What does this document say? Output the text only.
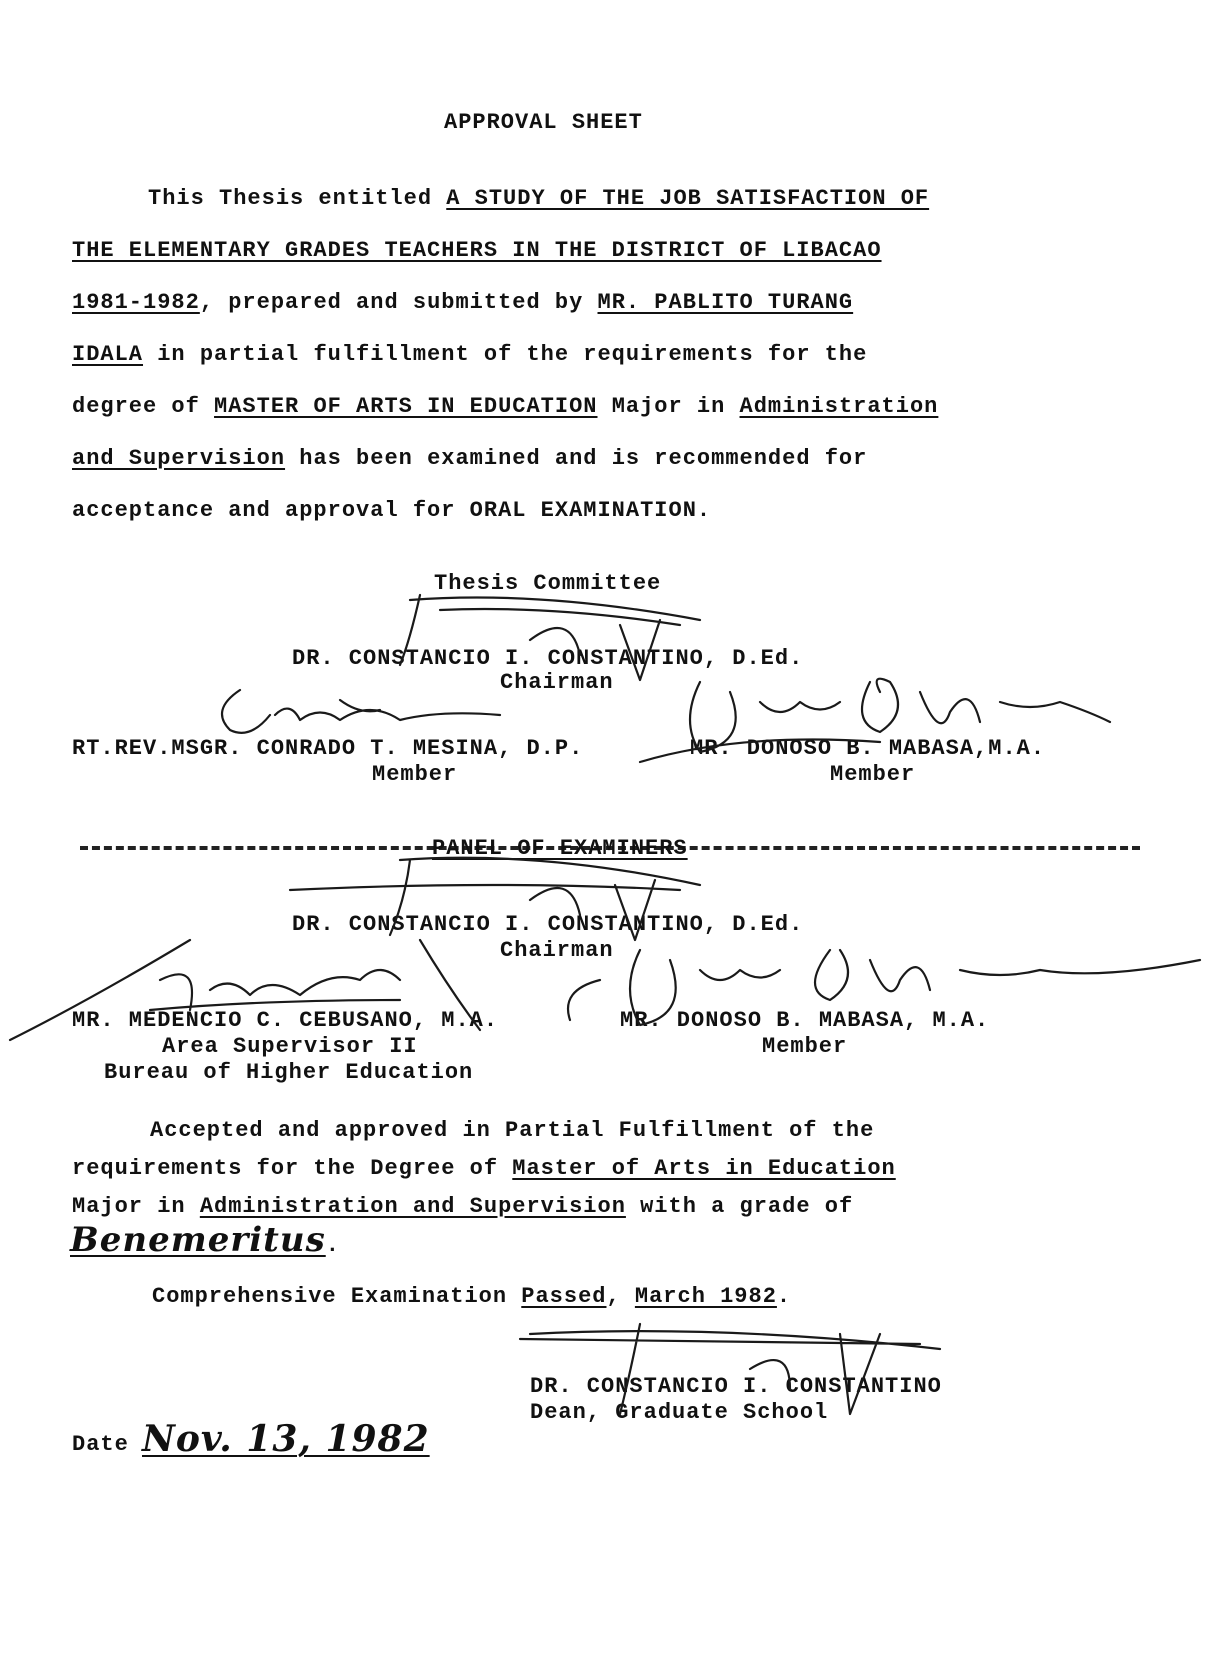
APPROVAL SHEET
This Thesis entitled A STUDY OF THE JOB SATISFACTION OF
THE ELEMENTARY GRADES TEACHERS IN THE DISTRICT OF LIBACAO
1981-1982, prepared and submitted by MR. PABLITO TURANG
IDALA in partial fulfillment of the requirements for the
degree of MASTER OF ARTS IN EDUCATION Major in Administration
and Supervision has been examined and is recommended for
acceptance and approval for ORAL EXAMINATION.
Thesis Committee
DR. CONSTANCIO I. CONSTANTINO, D.Ed.
Chairman
RT.REV.MSGR. CONRADO T. MESINA, D.P.
Member
MR. DONOSO B. MABASA,M.A.
Member
PANEL OF EXAMINERS
DR. CONSTANCIO I. CONSTANTINO, D.Ed.
Chairman
MR. MEDENCIO C. CEBUSANO, M.A.
Area Supervisor II
Bureau of Higher Education
MR. DONOSO B. MABASA, M.A.
Member
Accepted and approved in Partial Fulfillment of the
requirements for the Degree of Master of Arts in Education
Major in Administration and Supervision with a grade of
Benemeritus.
Comprehensive Examination Passed, March 1982.
DR. CONSTANCIO I. CONSTANTINO
Dean, Graduate School
Date Nov. 13, 1982
